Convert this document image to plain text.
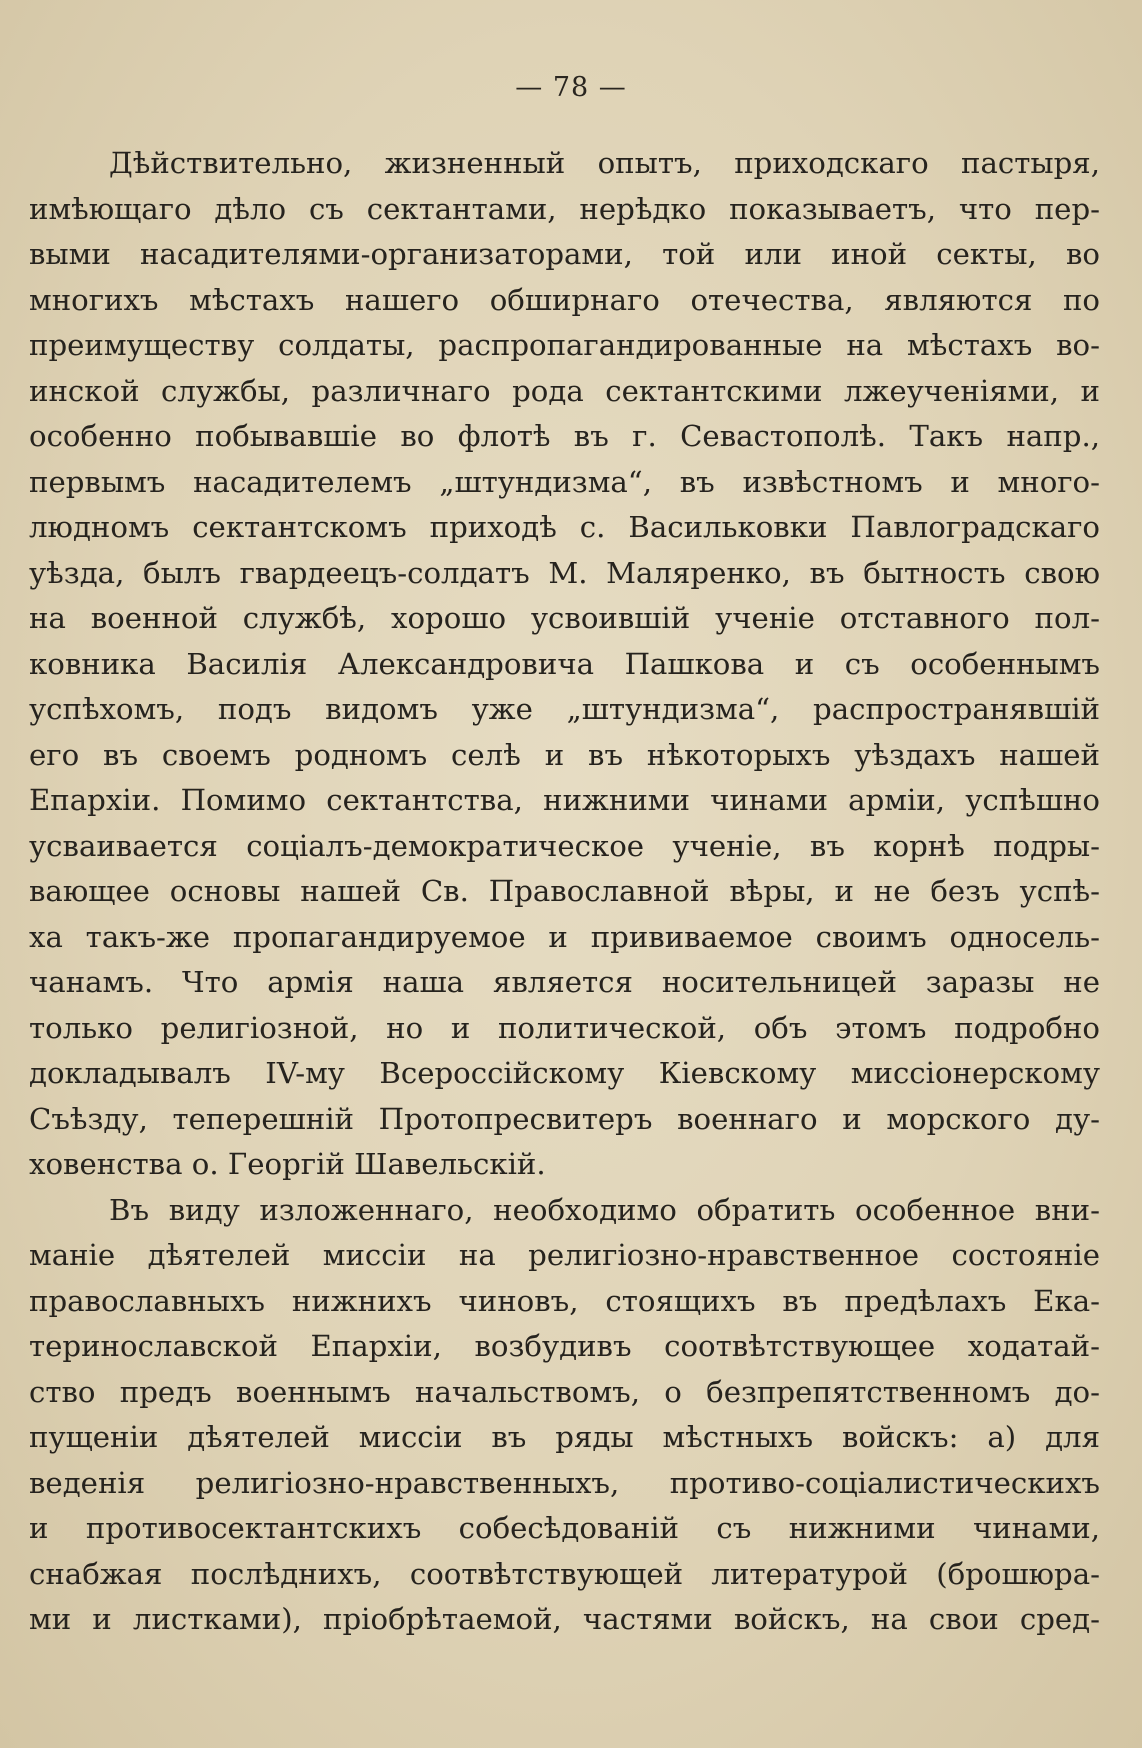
— 78 —
Дѣйствительно, жизненный опытъ, приходскаго пастыря,
имѣющаго дѣло съ сектантами, нерѣдко показываетъ, что пер-
выми насадителями-организаторами, той или иной секты, во
многихъ мѣстахъ нашего обширнаго отечества, являются по
преимуществу солдаты, распропагандированные на мѣстахъ во-
инской службы, различнаго рода сектантскими лжеученіями, и
особенно побывавшіе во флотѣ въ г. Севастополѣ. Такъ напр.,
первымъ насадителемъ „штундизма“, въ извѣстномъ и много-
людномъ сектантскомъ приходѣ с. Васильковки Павлоградскаго
уѣзда, былъ гвардеецъ-солдатъ М. Маляренко, въ бытность свою
на военной службѣ, хорошо усвоившій ученіе отставного пол-
ковника Василія Александровича Пашкова и съ особеннымъ
успѣхомъ, подъ видомъ уже „штундизма“, распространявшій
его въ своемъ родномъ селѣ и въ нѣкоторыхъ уѣздахъ нашей
Епархіи. Помимо сектантства, нижними чинами арміи, успѣшно
усваивается соціалъ-демократическое ученіе, въ корнѣ подры-
вающее основы нашей Св. Православной вѣры, и не безъ успѣ-
ха такъ-же пропагандируемое и прививаемое своимъ односель-
чанамъ. Что армія наша является носительницей заразы не
только религіозной, но и политической, объ этомъ подробно
докладывалъ IV-му Всероссійскому Кіевскому миссіонерскому
Съѣзду, теперешній Протопресвитеръ военнаго и морского ду-
ховенства о. Георгій Шавельскій.
Въ виду изложеннаго, необходимо обратить особенное вни-
маніе дѣятелей миссіи на религіозно-нравственное состояніе
православныхъ нижнихъ чиновъ, стоящихъ въ предѣлахъ Ека-
теринославской Епархіи, возбудивъ соотвѣтствующее ходатай-
ство предъ военнымъ начальствомъ, о безпрепятственномъ до-
пущеніи дѣятелей миссіи въ ряды мѣстныхъ войскъ: а) для
веденія религіозно-нравственныхъ, противо-соціалистическихъ
и противосектантскихъ собесѣдованій съ нижними чинами,
снабжая послѣднихъ, соотвѣтствующей литературой (брошюра-
ми и листками), пріобрѣтаемой, частями войскъ, на свои сред-
